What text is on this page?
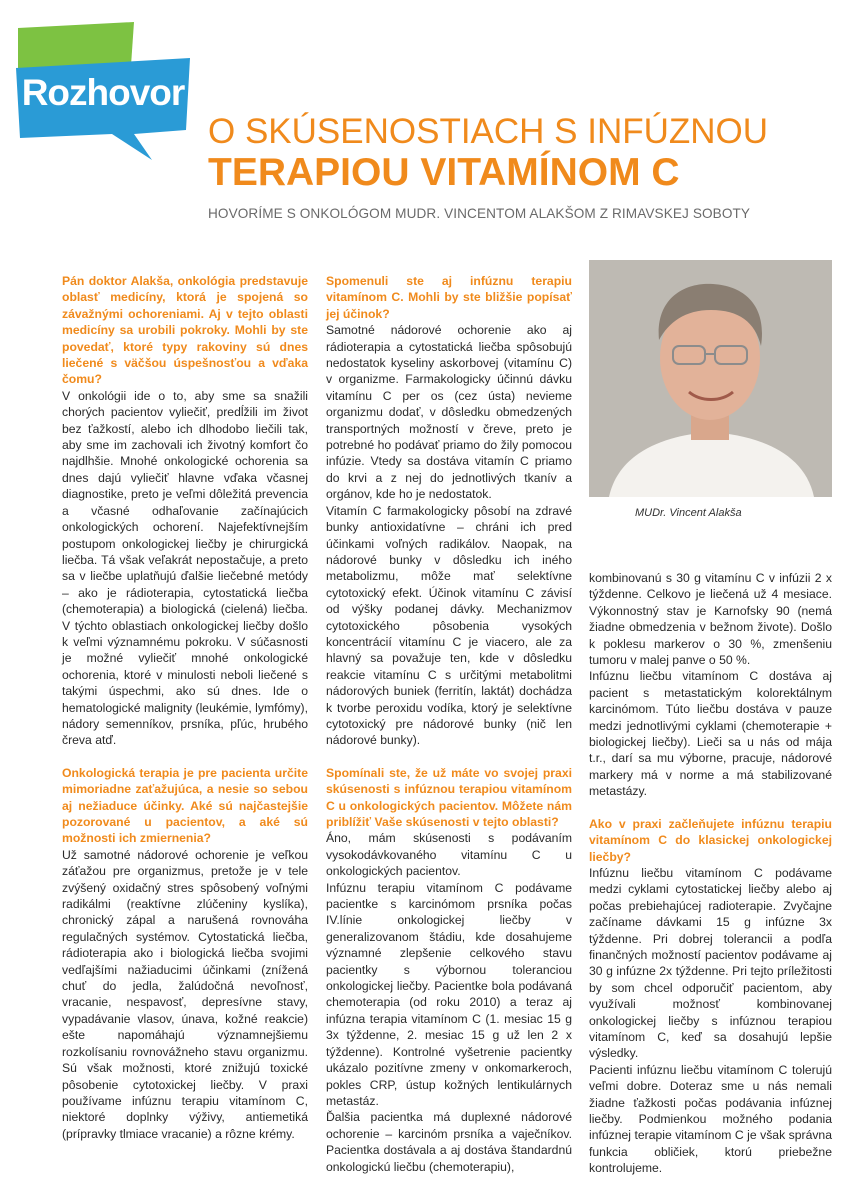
Rozhovor
O SKÚSENOSTIACH S INFÚZNOU
TERAPIOU VITAMÍNOM C
HOVORÍME S ONKOLÓGOM MUDR. VINCENTOM ALAKŠOM Z RIMAVSKEJ SOBOTY

Pán doktor Alakša, onkológia predstavuje oblasť medicíny, ktorá je spojená so závažnými ochoreniami. Aj v tejto oblasti medicíny sa urobili pokroky. Mohli by ste povedať, ktoré typy rakoviny sú dnes liečené s väčšou úspešnosťou a vďaka čomu?

V onkológii ide o to, aby sme sa snažili chorých pacientov vyliečiť, predĺžili im život bez ťažkostí, alebo ich dlhodobo liečili tak, aby sme im zachovali ich životný komfort čo najdlhšie. Mnohé onkologické ochorenia sa dnes dajú vyliečiť hlavne vďaka včasnej diagnostike, preto je veľmi dôležitá prevencia a včasné odhaľovanie začínajúcich onkologických ochorení. Najefektívnejším postupom onkologickej liečby je chirurgická liečba. Tá však veľakrát nepostačuje, a preto sa v liečbe uplatňujú ďalšie liečebné metódy – ako je rádioterapia, cytostatická liečba (chemoterapia) a biologická (cielená) liečba. V týchto oblastiach onkologickej liečby došlo k veľmi významnému pokroku. V súčasnosti je možné vyliečiť mnohé onkologické ochorenia, ktoré v minulosti neboli liečené s takými úspechmi, ako sú dnes. Ide o hematologické malignity (leukémie, lymfómy), nádory semenníkov, prsníka, pľúc, hrubého čreva atď.

Onkologická terapia je pre pacienta určite mimoriadne zaťažujúca, a nesie so sebou aj nežiaduce účinky. Aké sú najčastejšie pozorované u pacientov, a aké sú možnosti ich zmiernenia?

Už samotné nádorové ochorenie je veľkou záťažou pre organizmus, pretože je v tele zvýšený oxidačný stres spôsobený voľnými radikálmi (reaktívne zlúčeniny kyslíka), chronický zápal a narušená rovnováha regulačných systémov. Cytostatická liečba, rádioterapia ako i biologická liečba svojimi vedľajšími nažiaducimi účinkami (znížená chuť do jedla, žalúdočná nevoľnosť, vracanie, nespavosť, depresívne stavy, vypadávanie vlasov, únava, kožné reakcie) ešte napomáhajú významnejšiemu rozkolísaniu rovnovážneho stavu organizmu. Sú však možnosti, ktoré znižujú toxické pôsobenie cytotoxickej liečby. V praxi používame infúznu terapiu vitamínom C, niektoré doplnky výživy, antiemetiká (prípravky tlmiace vracanie) a rôzne krémy.

Spomenuli ste aj infúznu terapiu vitamínom C. Mohli by ste bližšie popísať jej účinok?

Samotné nádorové ochorenie ako aj rádioterapia a cytostatická liečba spôsobujú nedostatok kyseliny askorbovej (vitamínu C) v organizme. Farmakologicky účinnú dávku vitamínu C per os (cez ústa) nevieme organizmu dodať, v dôsledku obmedzených transportných možností v čreve, preto je potrebné ho podávať priamo do žily pomocou infúzie. Vtedy sa dostáva vitamín C priamo do krvi a z nej do jednotlivých tkanív a orgánov, kde ho je nedostatok.

Vitamín C farmakologicky pôsobí na zdravé bunky antioxidatívne – chráni ich pred účinkami voľných radikálov. Naopak, na nádorové bunky v dôsledku ich iného metabolizmu, môže mať selektívne cytotoxický efekt. Účinok vitamínu C závisí od výšky podanej dávky. Mechanizmov cytotoxického pôsobenia vysokých koncentrácií vitamínu C je viacero, ale za hlavný sa považuje ten, kde v dôsledku reakcie vitamínu C s určitými metabolitmi nádorových buniek (ferritín, laktát) dochádza k tvorbe peroxidu vodíka, ktorý je selektívne cytotoxický pre nádorové bunky (nič len nádorové bunky).

Spomínali ste, že už máte vo svojej praxi skúsenosti s infúznou terapiou vitamínom C u onkologických pacientov. Môžete nám priblížiť Vaše skúsenosti v tejto oblasti?

Áno, mám skúsenosti s podávaním vysokodávkovaného vitamínu C u onkologických pacientov.

Infúznu terapiu vitamínom C podávame pacientke s karcinómom prsníka počas IV.línie onkologickej liečby v generalizovanom štádiu, kde dosahujeme významné zlepšenie celkového stavu pacientky s výbornou toleranciou onkologickej liečby. Pacientke bola podávaná chemoterapia (od roku 2010) a teraz aj infúzna terapia vitamínom C (1. mesiac 15 g 3x týždenne, 2. mesiac 15 g už len 2 x týždenne). Kontrolné vyšetrenie pacientky ukázalo pozitívne zmeny v onkomarkeroch, pokles CRP, ústup kožných lentikulárnych metastáz.

Ďalšia pacientka má duplexné nádorové ochorenie – karcinóm prsníka a vaječníkov. Pacientka dostávala a aj dostáva štandardnú onkologickú liečbu (chemoterapiu),

MUDr. Vincent Alakša

kombinovanú s 30 g vitamínu C v infúzii 2 x týždenne. Celkovo je liečená už 4 mesiace. Výkonnostný stav je Karnofsky 90 (nemá žiadne obmedzenia v bežnom živote). Došlo k poklesu markerov o 30 %, zmenšeniu tumoru v malej panve o 50 %.

Infúznu liečbu vitamínom C dostáva aj pacient s metastatickým kolorektálnym karcinómom. Túto liečbu dostáva v pauze medzi jednotlivými cyklami (chemoterapie + biologickej liečby). Lieči sa u nás od mája t.r., darí sa mu výborne, pracuje, nádorové markery má v norme a má stabilizované metastázy.

Ako v praxi začleňujete infúznu terapiu vitamínom C do klasickej onkologickej liečby?

Infúznu liečbu vitamínom C podávame medzi cyklami cytostatickej liečby alebo aj počas prebiehajúcej radioterapie. Zvyčajne začíname dávkami 15 g infúzne 3x týždenne. Pri dobrej tolerancii a podľa finančných možností pacientov podávame aj 30 g infúzne 2x týždenne. Pri tejto príležitosti by som chcel odporučiť pacientom, aby využívali možnosť kombinovanej onkologickej liečby s infúznou terapiou vitamínom C, keď sa dosahujú lepšie výsledky.

Pacienti infúznu liečbu vitamínom C tolerujú veľmi dobre. Doteraz sme u nás nemali žiadne ťažkosti počas podávania infúznej liečby. Podmienkou možného podania infúznej terapie vitamínom C je však správna funkcia obličiek, ktorú priebežne kontrolujeme.
